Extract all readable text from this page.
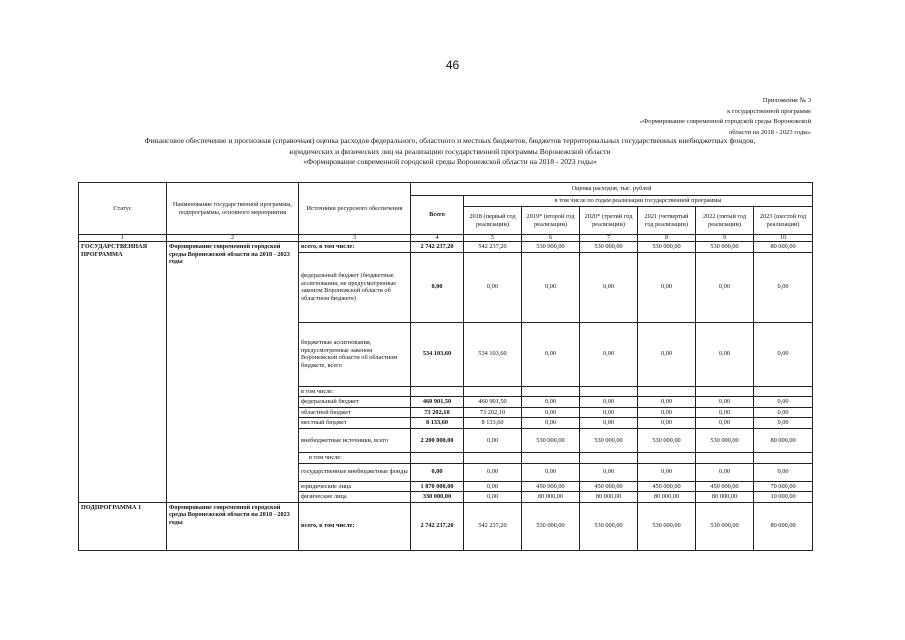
46
Приложение № 3
к государственной программе
«Формирование современной городской среды Воронежской
области на 2018 - 2023 годы»
Финансовое обеспечение и прогнозная (справочная) оценка расходов федерального, областного и местных бюджетов, бюджетов территориальных государственных внебюджетных фондов,
юридических и физических лиц на реализацию государственной программы Воронежской области
«Формирование современной городской среды Воронежской области на 2018 - 2023 годы»
Статус	Наименование государственной программы, подпрограммы, основного мероприятия	Источники ресурсного обеспечения	Оценка расходов, тыс. рублей						
			Всего	в том числе по годам реализации государственной программы					
				2018 (первый год реализации)	2019* (второй год реализации)	2020* (третий год реализации)	2021 (четвертый год реализации)	2022 (пятый год реализации)	2023 (шестой год реализации)
1	2	3	4	5	6	7	8	9	10
ГОСУДАРСТВЕННАЯ ПРОГРАММА	Формирование современной городской среды Воронежской области на 2018 - 2023 годы	всего, в том числе:	2 742 237,20	542 237,20	530 000,00	530 000,00	530 000,00	530 000,00	80 000,00
		федеральный бюджет (бюджетные ассигнования, не предусмотренные законом Воронежской области об областном бюджете)	0,00	0,00	0,00	0,00	0,00	0,00	0,00
		бюджетные ассигнования, предусмотренные законом Воронежской области об областном бюджете, всего	534 103,60	534 103,60	0,00	0,00	0,00	0,00	0,00
		в том числе:							
		федеральный бюджет	460 901,50	460 901,50	0,00	0,00	0,00	0,00	0,00
		областной бюджет	73 202,10	73 202,10	0,00	0,00	0,00	0,00	0,00
		местный бюджет	8 133,60	8 133,60	0,00	0,00	0,00	0,00	0,00
		внебюджетные источники, всего	2 200 000,00	0,00	530 000,00	530 000,00	530 000,00	530 000,00	80 000,00
		в том числе:							
		государственные внебюджетные фонды	0,00	0,00	0,00	0,00	0,00	0,00	0,00
		юридические лица	1 870 000,00	0,00	450 000,00	450 000,00	450 000,00	450 000,00	70 000,00
		физические лица	330 000,00	0,00	80 000,00	80 000,00	80 000,00	80 000,00	10 000,00
ПОДПРОГРАММА 1	Формирование современной городской среды Воронежской области на 2018 - 2023 годы	всего, в том числе:	2 742 237,20	542 237,20	530 000,00	530 000,00	530 000,00	530 000,00	80 000,00
